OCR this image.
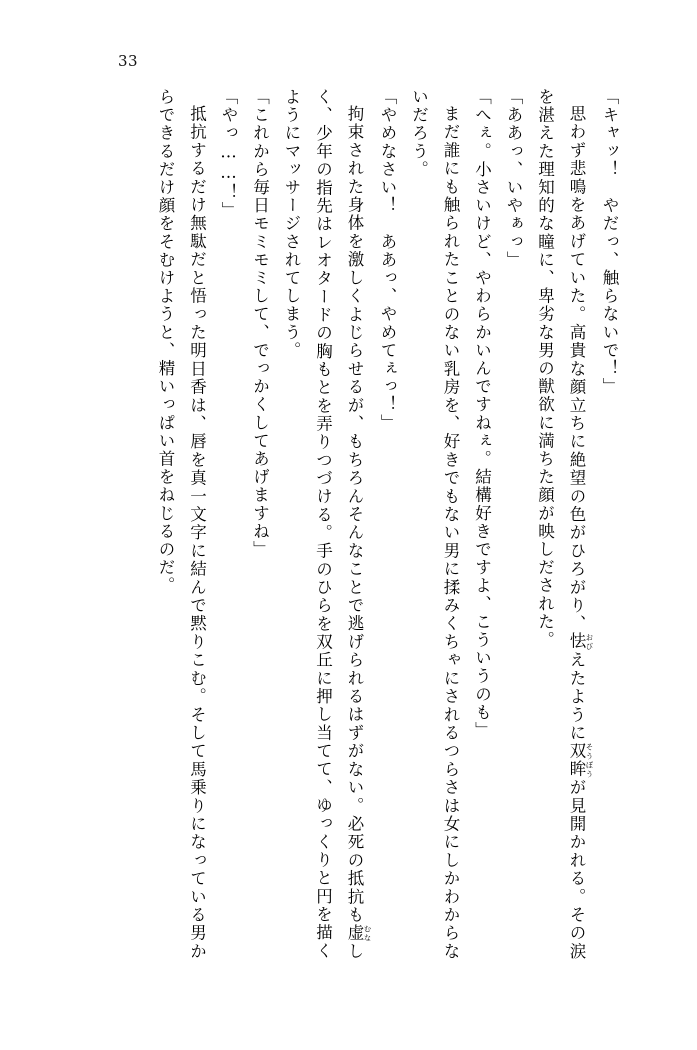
33

「キャッ！　やだっ、触らないで！」

思わず悲鳴をあげていた。高貴な顔立ちに絶望の色がひろがり、怯 おびえたように双眸 そうぼうが見開かれる。その涙を湛えた理知的な瞳に、卑劣な男の獣欲に満ちた顔が映しだされた。

「ああっ、いやぁっ」

「へぇ。小さいけど、やわらかいんですねぇ。結構好きですよ、こういうのも」

まだ誰にも触られたことのない乳房を、好きでもない男に揉みくちゃにされるつらさは女にしかわからないだろう。

「やめなさい！　ああっ、やめてぇっ！」

拘束された身体を激しくよじらせるが、もちろんそんなことで逃げられるはずがない。必死の抵抗も虚 むなしく、少年の指先はレオタードの胸もとを弄りつづける。手のひらを双丘に押し当てて、ゆっくりと円を描くようにマッサージされてしまう。

「これから毎日モミモミして、でっかくしてあげますね」

「やっ……！」

抵抗するだけ無駄だと悟った明日香は、唇を真一文字に結んで黙りこむ。そして馬乗りになっている男からできるだけ顔をそむけようと、精いっぱい首をねじるのだ。
